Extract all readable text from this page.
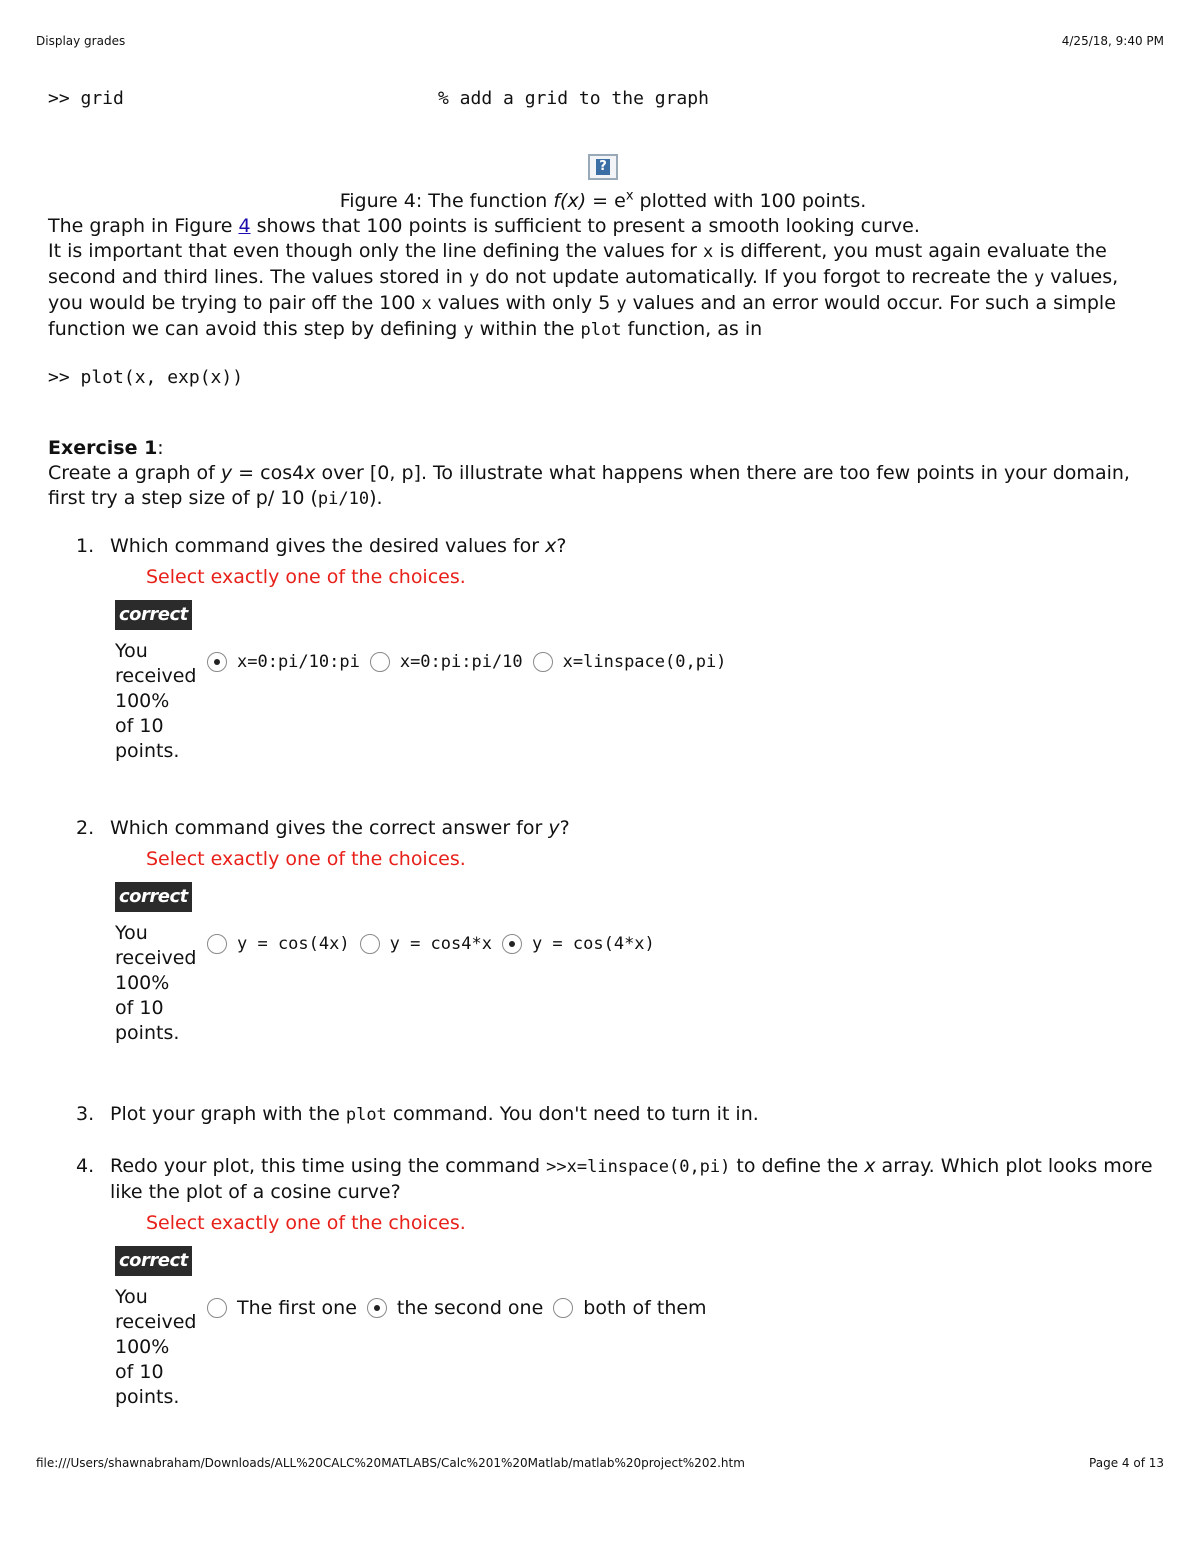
Display grades	4/25/18, 9:40 PM
>> grid	% add a grid to the graph
?
Figure 4: The function $f(x) = e^x$ plotted with 100 points.

The graph in Figure 4 shows that 100 points is sufficient to present a smooth looking curve.

It is important that even though only the line defining the values for x is different, you must again evaluate the second and third lines. The values stored in y do not update automatically. If you forgot to recreate the y values, you would be trying to pair off the 100 x values with only 5 y values and an error would occur. For such a simple function we can avoid this step by defining y within the plot function, as in

>> plot(x, exp(x))
Exercise 1:

Create a graph of y = cos4x over [0, p]. To illustrate what happens when there are too few points in your domain, first try a step size of p/ 10 (pi/10).

1. Which command gives the desired values for x?
Select exactly one of the choices.
correct
You
received
100%
of 10
points.
x=0:pi/10:pi x=0:pi:pi/10 x=linspace(0,pi)
2. Which command gives the correct answer for y?
Select exactly one of the choices.
correct
You
received
100%
of 10
points.
y = cos(4x) y = cos4*x y = cos(4*x)
3. Plot your graph with the plot command. You don't need to turn it in.
4. Redo your plot, this time using the command >>x=linspace(0,pi) to define the x array. Which plot looks more like the plot of a cosine curve?
Select exactly one of the choices.
correct
You
received
100%
of 10
points.
The first one the second one both of them
file:///Users/shawnabraham/Downloads/ALL%20CALC%20MATLABS/Calc%201%20Matlab/matlab%20project%202.htm	Page 4 of 13
